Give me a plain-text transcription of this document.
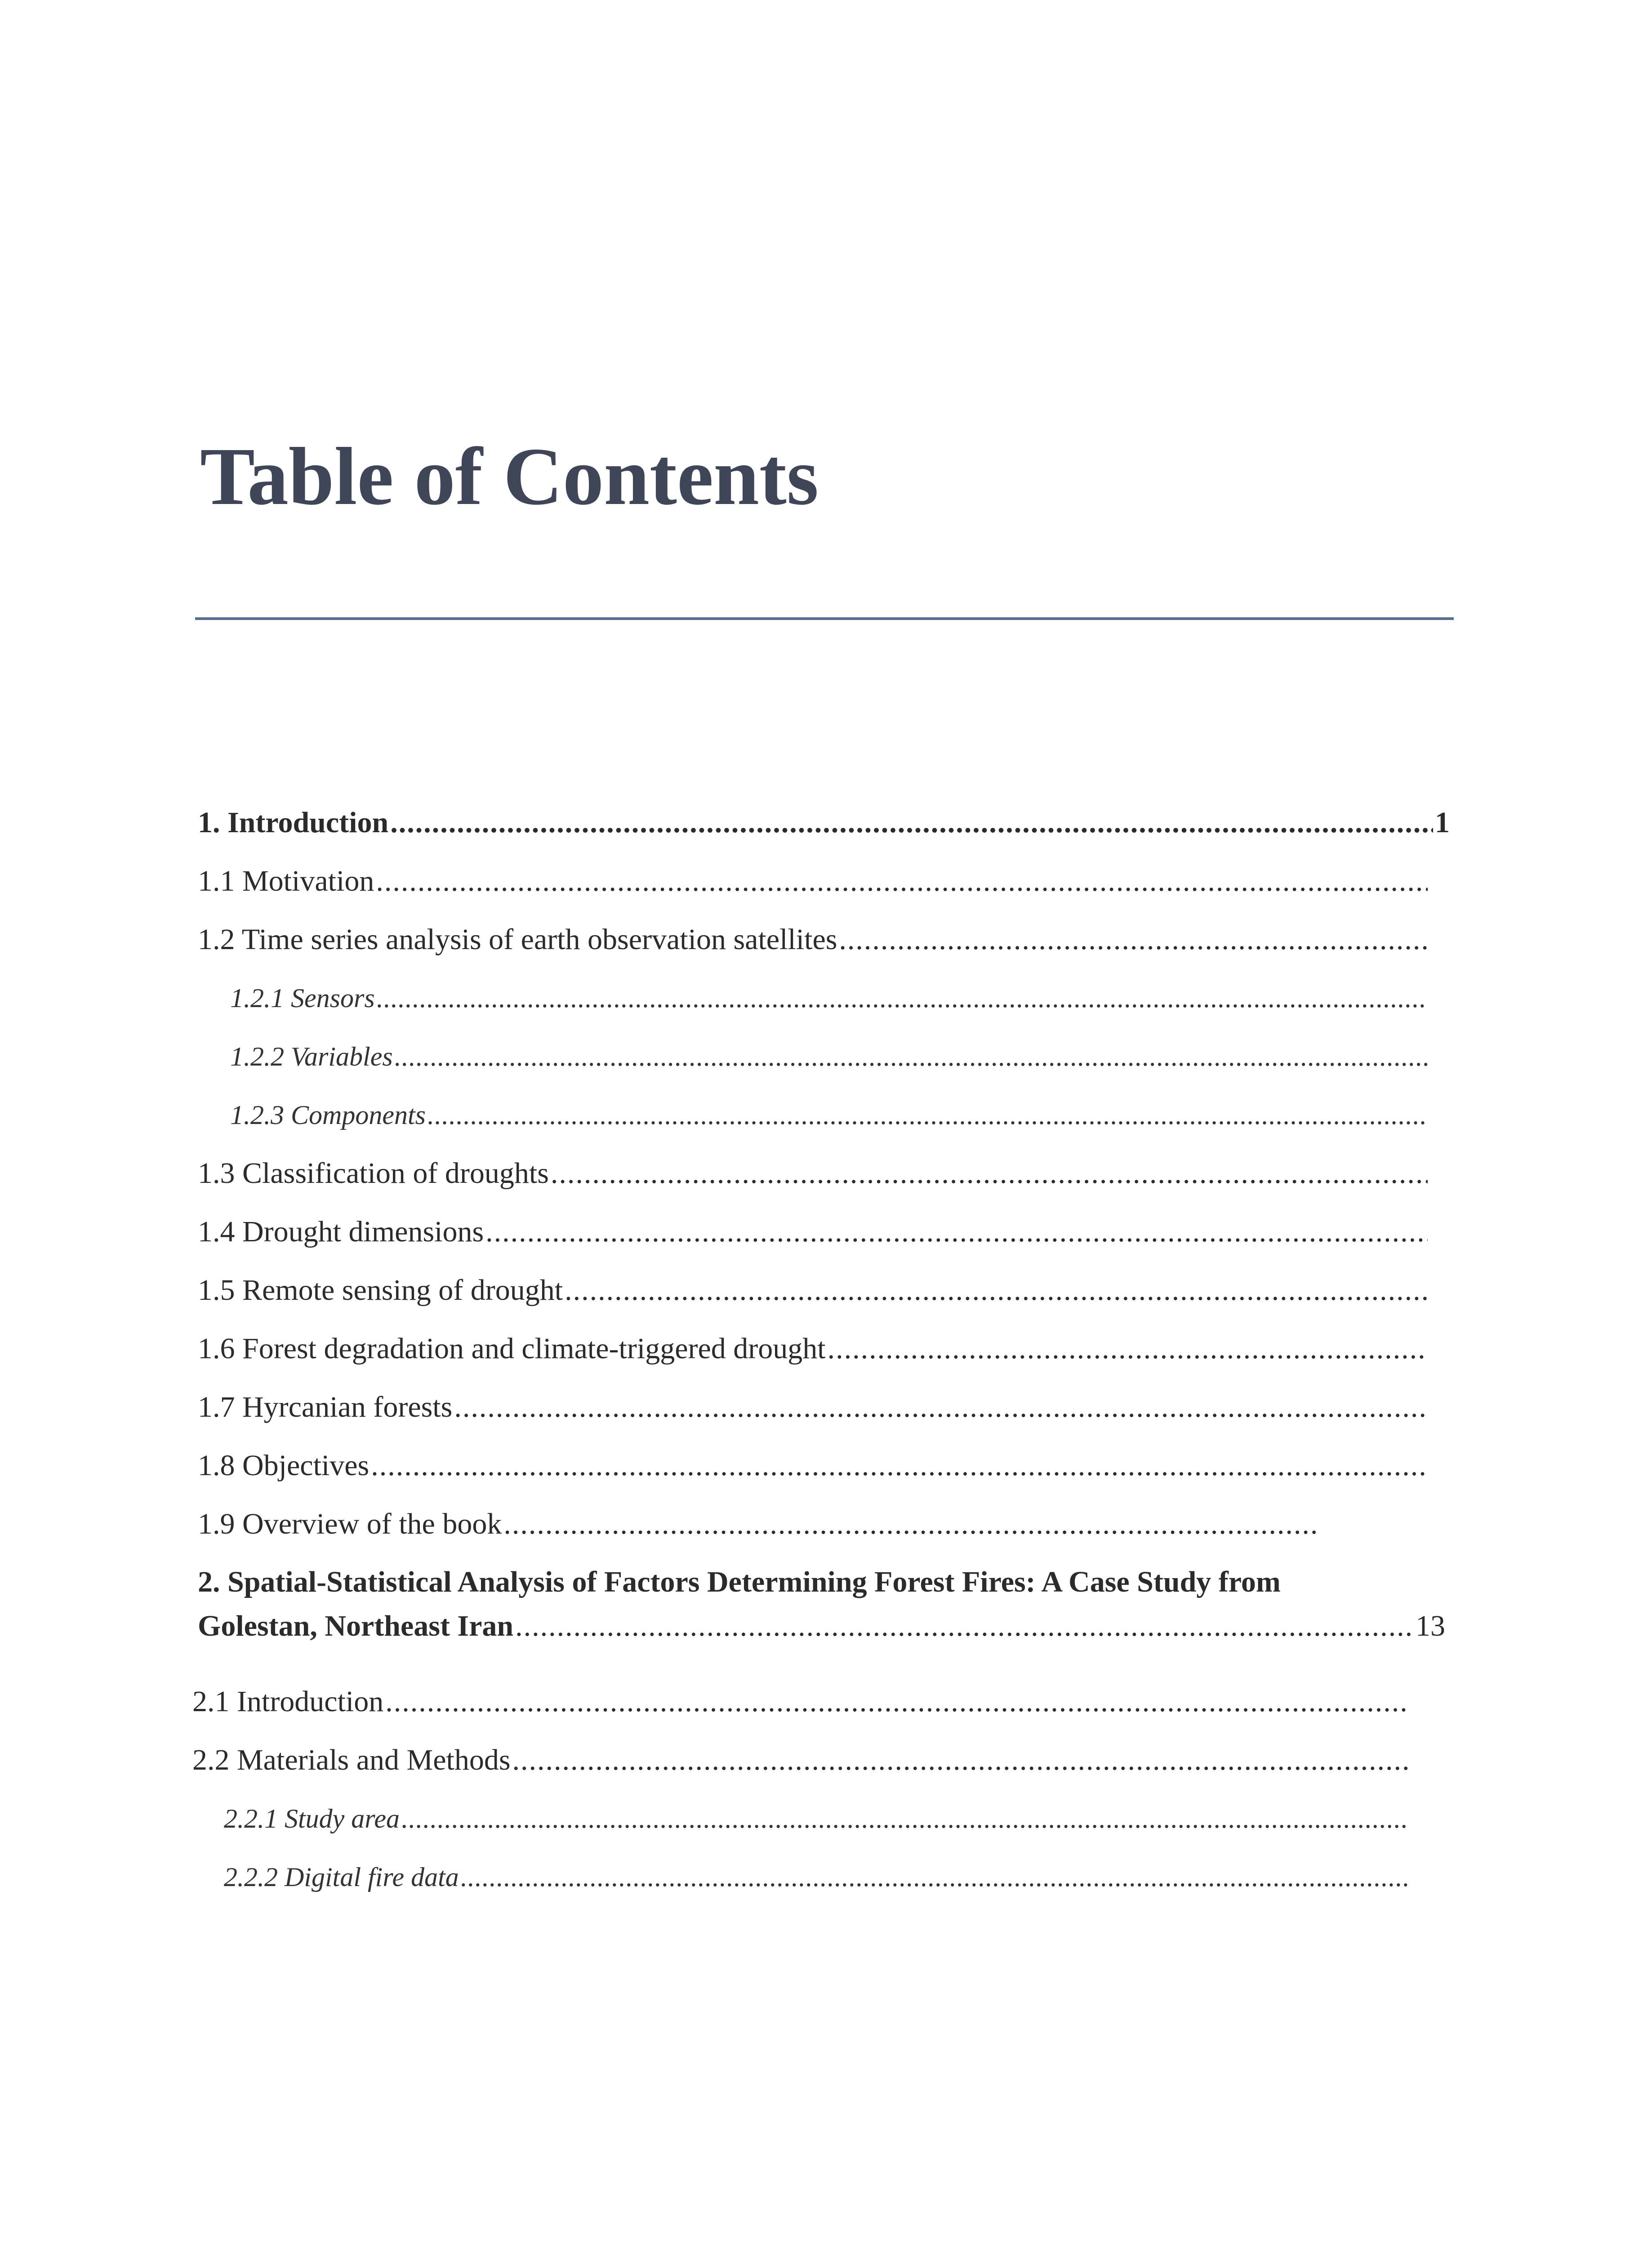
Table of Contents
1. Introduction .....	1
1.1 Motivation
.....
1.2 Time series analysis of earth observation satellites
.....
1.2.1 Sensors
.....
1.2.2 Variables
.....
1.2.3 Components
.....
1.3 Classification of droughts
.....
1.4 Drought dimensions
.....
1.5 Remote sensing of drought
.....
1.6 Forest degradation and climate-triggered drought
.....
1.7 Hyrcanian forests
.....
1.8 Objectives
.....
1.9 Overview of the book
.....
2. Spatial-Statistical Analysis of Factors Determining Forest Fires: A Case Study from
Golestan, Northeast Iran .....	13
2.1 Introduction
.....
2.2 Materials and Methods
.....
2.2.1 Study area
.....
2.2.2 Digital fire data
.....
